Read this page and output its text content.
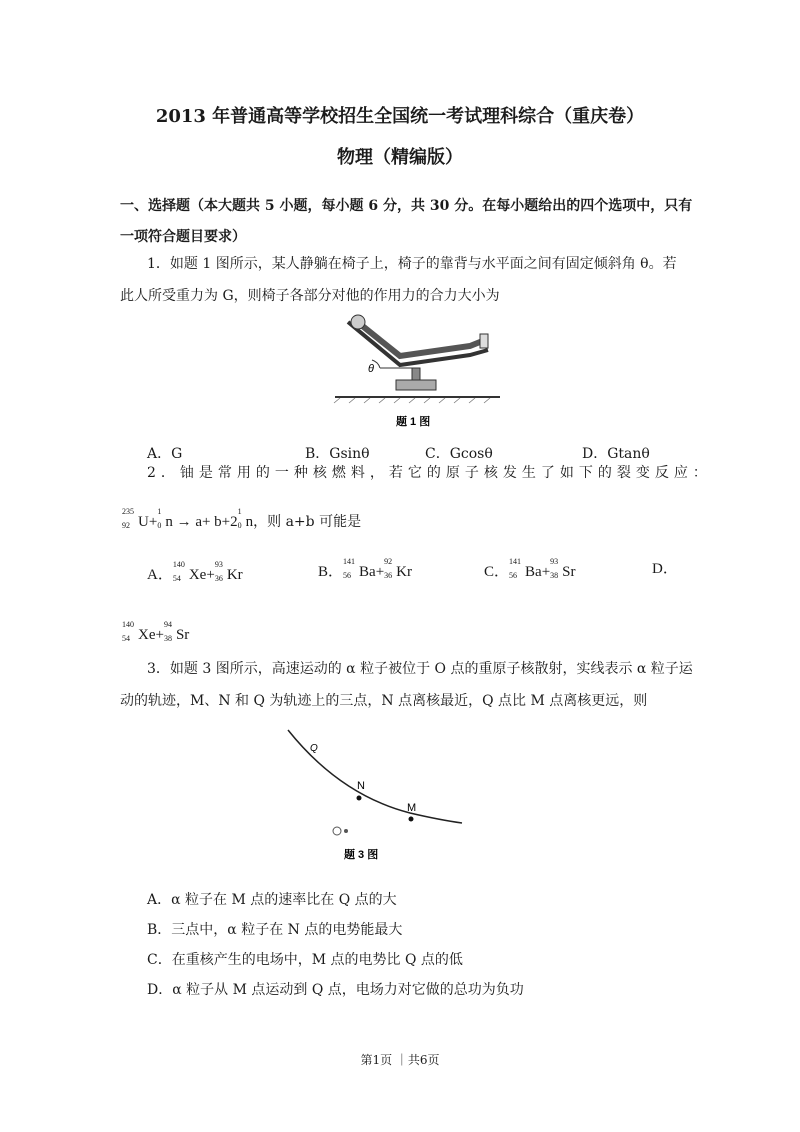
2013 年普通高等学校招生全国统一考试理科综合（重庆卷）
物理（精编版）
一、选择题（本大题共 5 小题，每小题 6 分，共 30 分。在每小题给出的四个选项中，只有
一项符合题目要求）
1．如题 1 图所示，某人静躺在椅子上，椅子的靠背与水平面之间有固定倾斜角 θ。若
此人所受重力为 G，则椅子各部分对他的作用力的合力大小为
θ
题 1 图
A．G	B．Gsinθ	C．Gcosθ	D．Gtanθ
2．铀是常用的一种核燃料，若它的原子核发生了如下的裂变反应：
235
92 U+
1
0 n → a+ b+2
1
0 n，则 a+b 可能是
A．
140
54 Xe+
93
36 Kr	B．
141
56 Ba+
92
36 Kr	C．
141
56 Ba+
93
38 Sr	D．
140
54 Xe+
94
38 Sr
3．如题 3 图所示，高速运动的 α 粒子被位于 O 点的重原子核散射，实线表示 α 粒子运
动的轨迹，M、N 和 Q 为轨迹上的三点，N 点离核最近，Q 点比 M 点离核更远，则
Q
N
M
题 3 图
A．α 粒子在 M 点的速率比在 Q 点的大
B．三点中，α 粒子在 N 点的电势能最大
C．在重核产生的电场中，M 点的电势比 Q 点的低
D．α 粒子从 M 点运动到 Q 点，电场力对它做的总功为负功
第1页 ｜共6页
